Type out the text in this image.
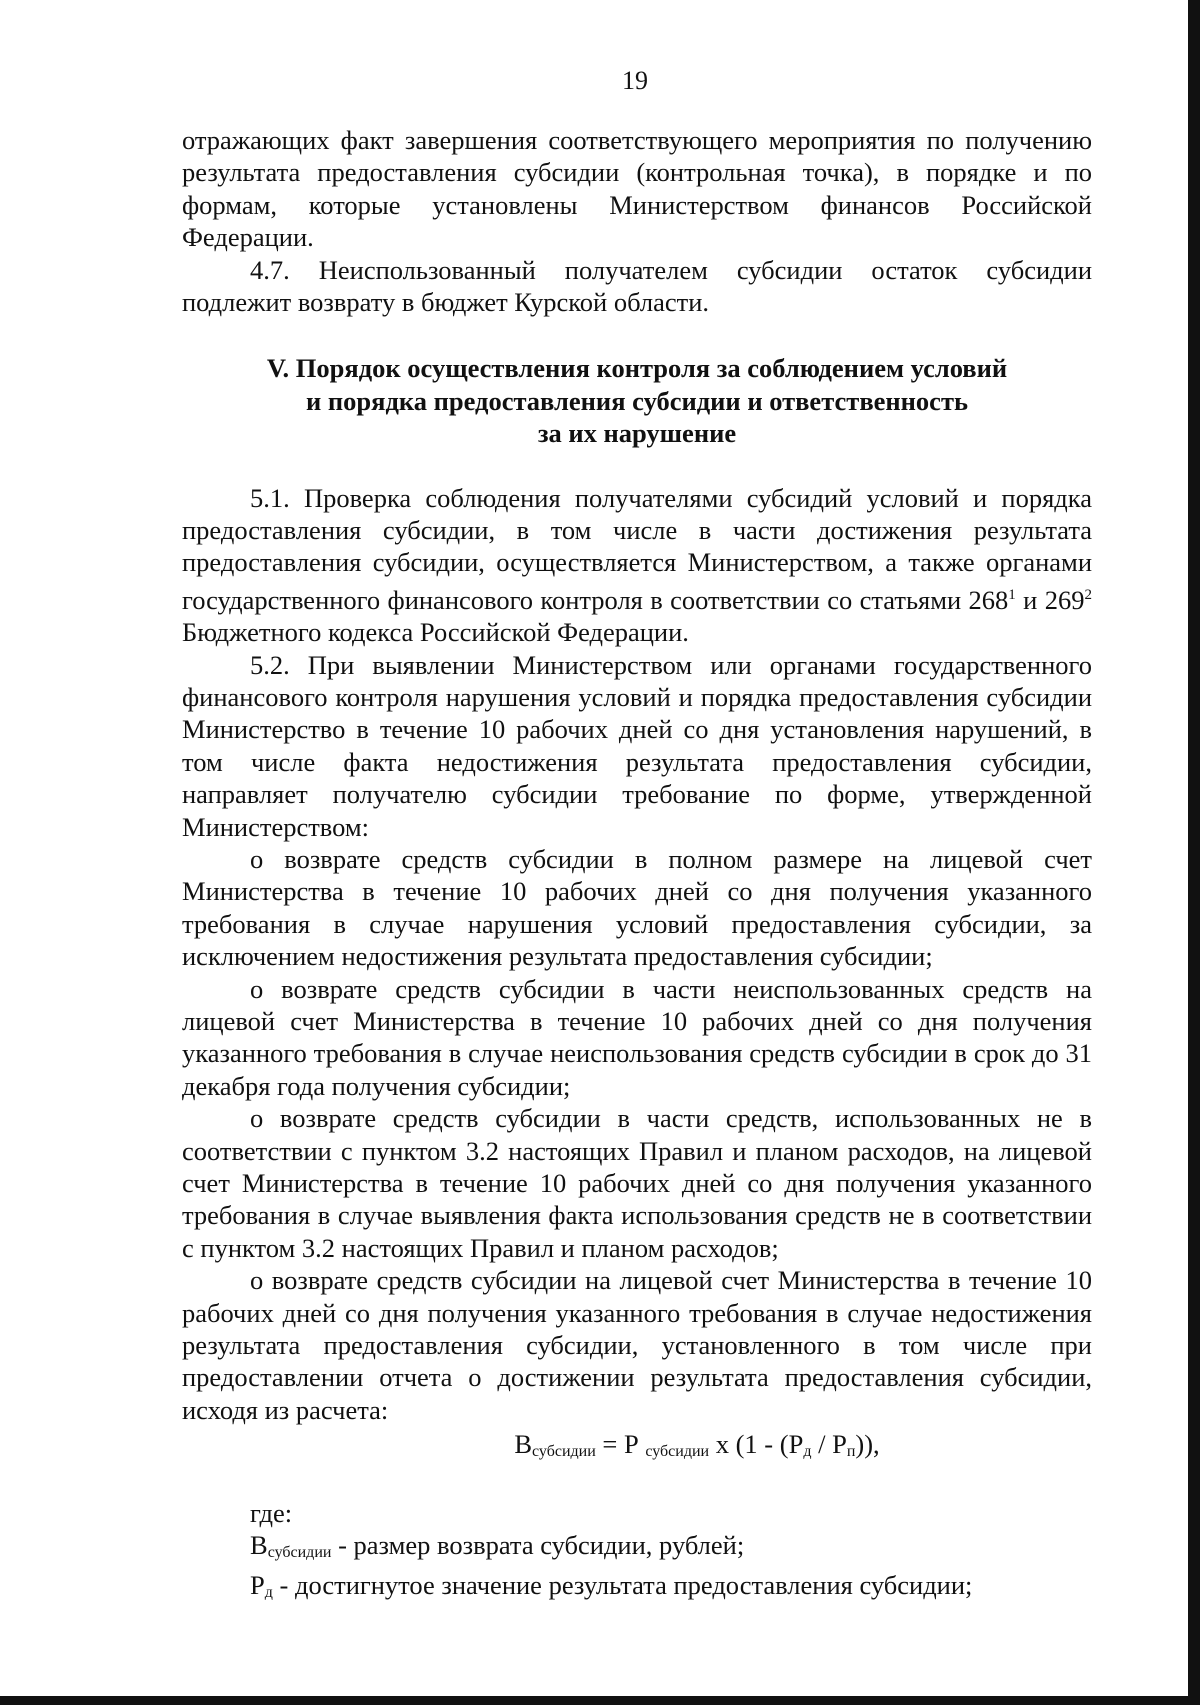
19

отражающих факт завершения соответствующего мероприятия по получению результата предоставления субсидии (контрольная точка), в порядке и по формам, которые установлены Министерством финансов Российской Федерации.

4.7. Неиспользованный получателем субсидии остаток субсидии подлежит возврату в бюджет Курской области.

V. Порядок осуществления контроля за соблюдением условий
и порядка предоставления субсидии и ответственность
за их нарушение

5.1. Проверка соблюдения получателями субсидий условий и порядка предоставления субсидии, в том числе в части достижения результата предоставления субсидии, осуществляется Министерством, а также органами государственного финансового контроля в соответствии со статьями $268^1$ и $269^2$ Бюджетного кодекса Российской Федерации.

5.2. При выявлении Министерством или органами государственного финансового контроля нарушения условий и порядка предоставления субсидии Министерство в течение 10 рабочих дней со дня установления нарушений, в том числе факта недостижения результата предоставления субсидии, направляет получателю субсидии требование по форме, утвержденной Министерством:

о возврате средств субсидии в полном размере на лицевой счет Министерства в течение 10 рабочих дней со дня получения указанного требования в случае нарушения условий предоставления субсидии, за исключением недостижения результата предоставления субсидии;

о возврате средств субсидии в части неиспользованных средств на лицевой счет Министерства в течение 10 рабочих дней со дня получения указанного требования в случае неиспользования средств субсидии в срок до 31 декабря года получения субсидии;

о возврате средств субсидии в части средств, использованных не в соответствии с пунктом 3.2 настоящих Правил и планом расходов, на лицевой счет Министерства в течение 10 рабочих дней со дня получения указанного требования в случае выявления факта использования средств не в соответствии с пунктом 3.2 настоящих Правил и планом расходов;

о возврате средств субсидии на лицевой счет Министерства в течение 10 рабочих дней со дня получения указанного требования в случае недостижения результата предоставления субсидии, установленного в том числе при предоставлении отчета о достижении результата предоставления субсидии, исходя из расчета:

$В_{субсидии} = Р$ $_{субсидии}$ х $(1 - (Р_д / Р_п))$,

где:

$В_{субсидии}$ - размер возврата субсидии, рублей;

$Р_д$ - достигнутое значение результата предоставления субсидии;
